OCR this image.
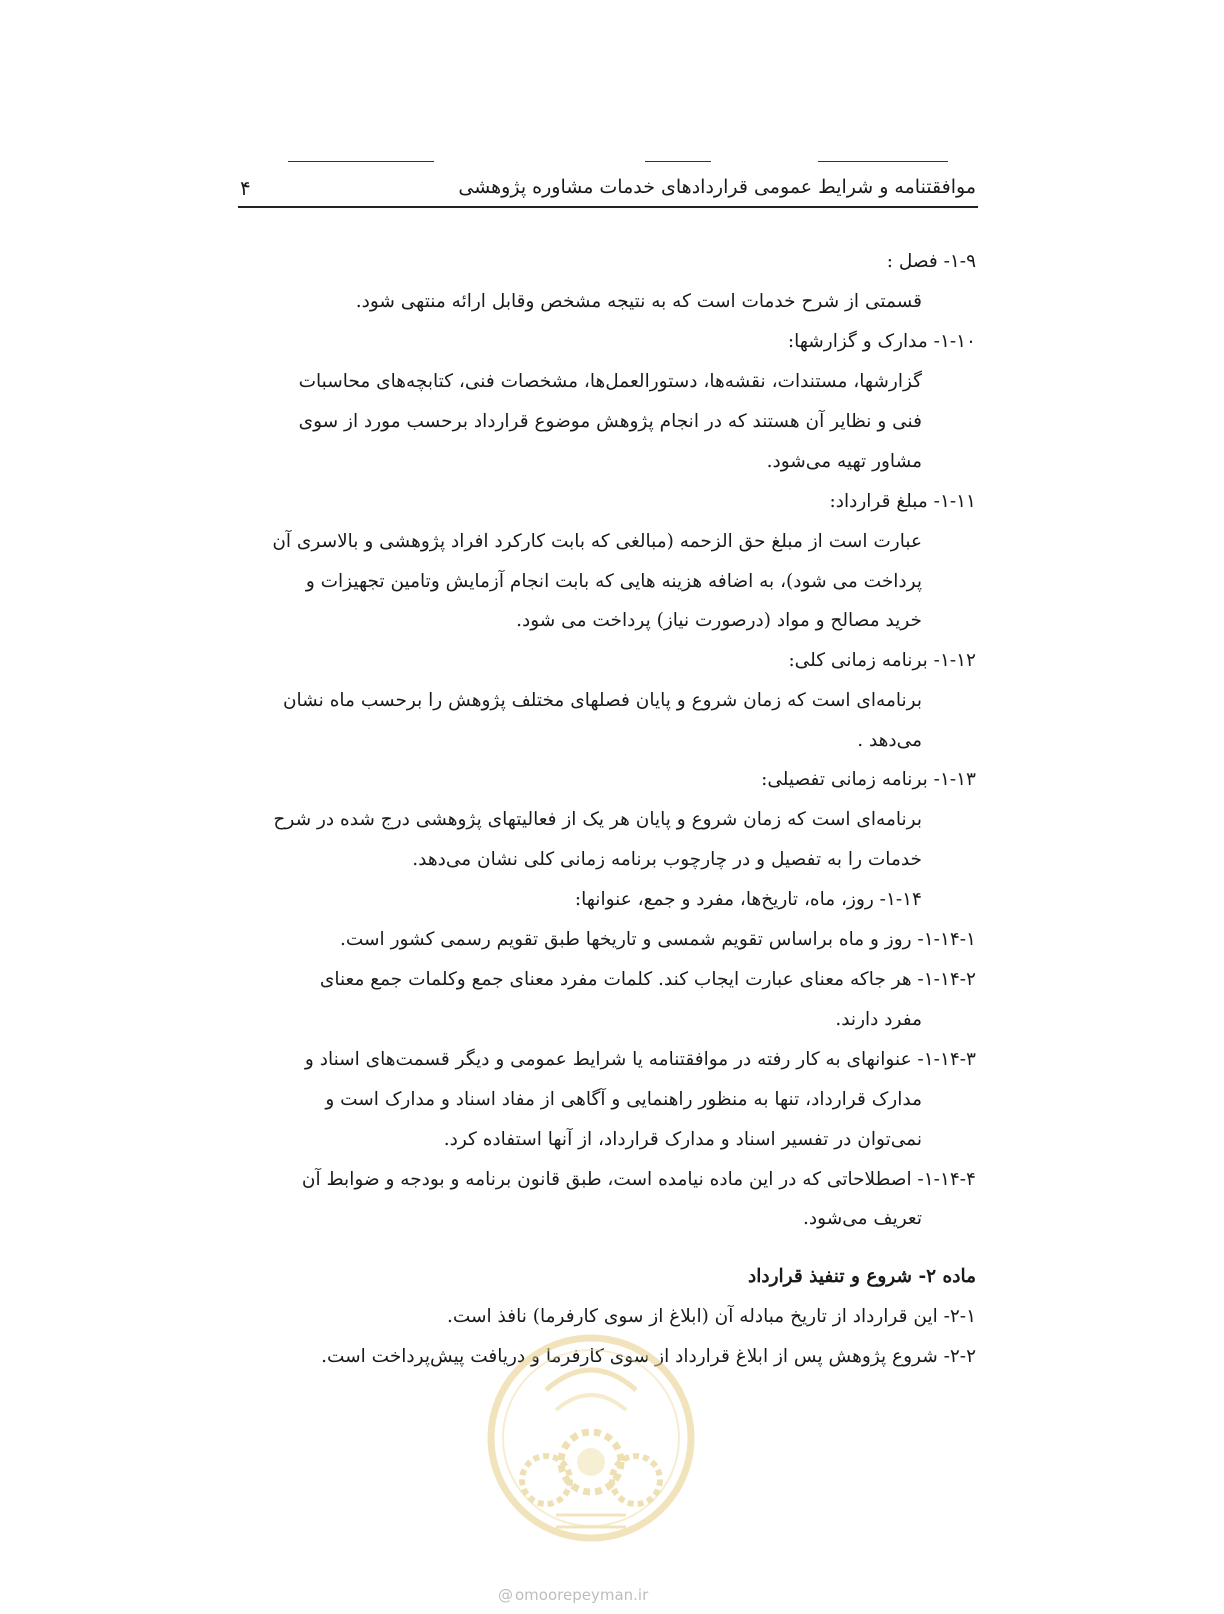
موافقتنامه و شرایط عمومی قراردادهای خدمات مشاوره پژوهشی
۴
۱-۹- فصل :
قسمتی از شرح خدمات است که به نتیجه مشخص وقابل ارائه منتهی شود.
۱-۱۰- مدارک و گزارشها:
گزارشها، مستندات، نقشه‌ها، دستورالعمل‌ها، مشخصات فنی، کتابچه‌های محاسبات
فنی و نظایر آن هستند که در انجام پژوهش موضوع قرارداد برحسب مورد از سوی
مشاور تهیه می‌شود.
۱-۱۱- مبلغ قرارداد:
عبارت است از مبلغ حق الزحمه (مبالغی که بابت کارکرد افراد پژوهشی و بالاسری آن
پرداخت می شود)، به اضافه هزینه هایی که بابت انجام آزمایش وتامین تجهیزات و
خرید مصالح و مواد (درصورت نیاز) پرداخت می شود.
۱-۱۲- برنامه زمانی کلی:
برنامه‌ای است که زمان شروع و پایان فصلهای مختلف پژوهش را برحسب ماه نشان
می‌دهد .
۱-۱۳- برنامه زمانی تفصیلی:
برنامه‌ای است که زمان شروع و پایان هر یک از فعالیتهای پژوهشی درج شده در شرح
خدمات را به تفصیل و در چارچوب برنامه زمانی کلی نشان می‌دهد.
۱-۱۴- روز، ماه، تاریخ‌ها، مفرد و جمع، عنوانها:
۱-۱۴-۱- روز و ماه براساس تقویم شمسی و تاریخها طبق تقویم رسمی کشور است.
۱-۱۴-۲- هر جاکه معنای عبارت ایجاب کند. کلمات مفرد معنای جمع وکلمات جمع معنای
مفرد دارند.
۱-۱۴-۳- عنوانهای به کار رفته در موافقتنامه یا شرایط عمومی و دیگر قسمت‌های اسناد و
مدارک قرارداد، تنها به منظور راهنمایی و آگاهی از مفاد اسناد و مدارک است و
نمی‌توان در تفسیر اسناد و مدارک قرارداد، از آنها استفاده کرد.
۱-۱۴-۴- اصطلاحاتی که در این ماده نیامده است، طبق قانون برنامه و بودجه و ضوابط آن
تعریف می‌شود.
ماده ۲- شروع و تنفیذ قرارداد
۲-۱- این قرارداد از تاریخ مبادله آن (ابلاغ از سوی کارفرما) نافذ است.
۲-۲- شروع پژوهش پس از ابلاغ قرارداد از سوی کارفرما و دریافت پیش‌پرداخت است.
@ omoorepeyman.ir
